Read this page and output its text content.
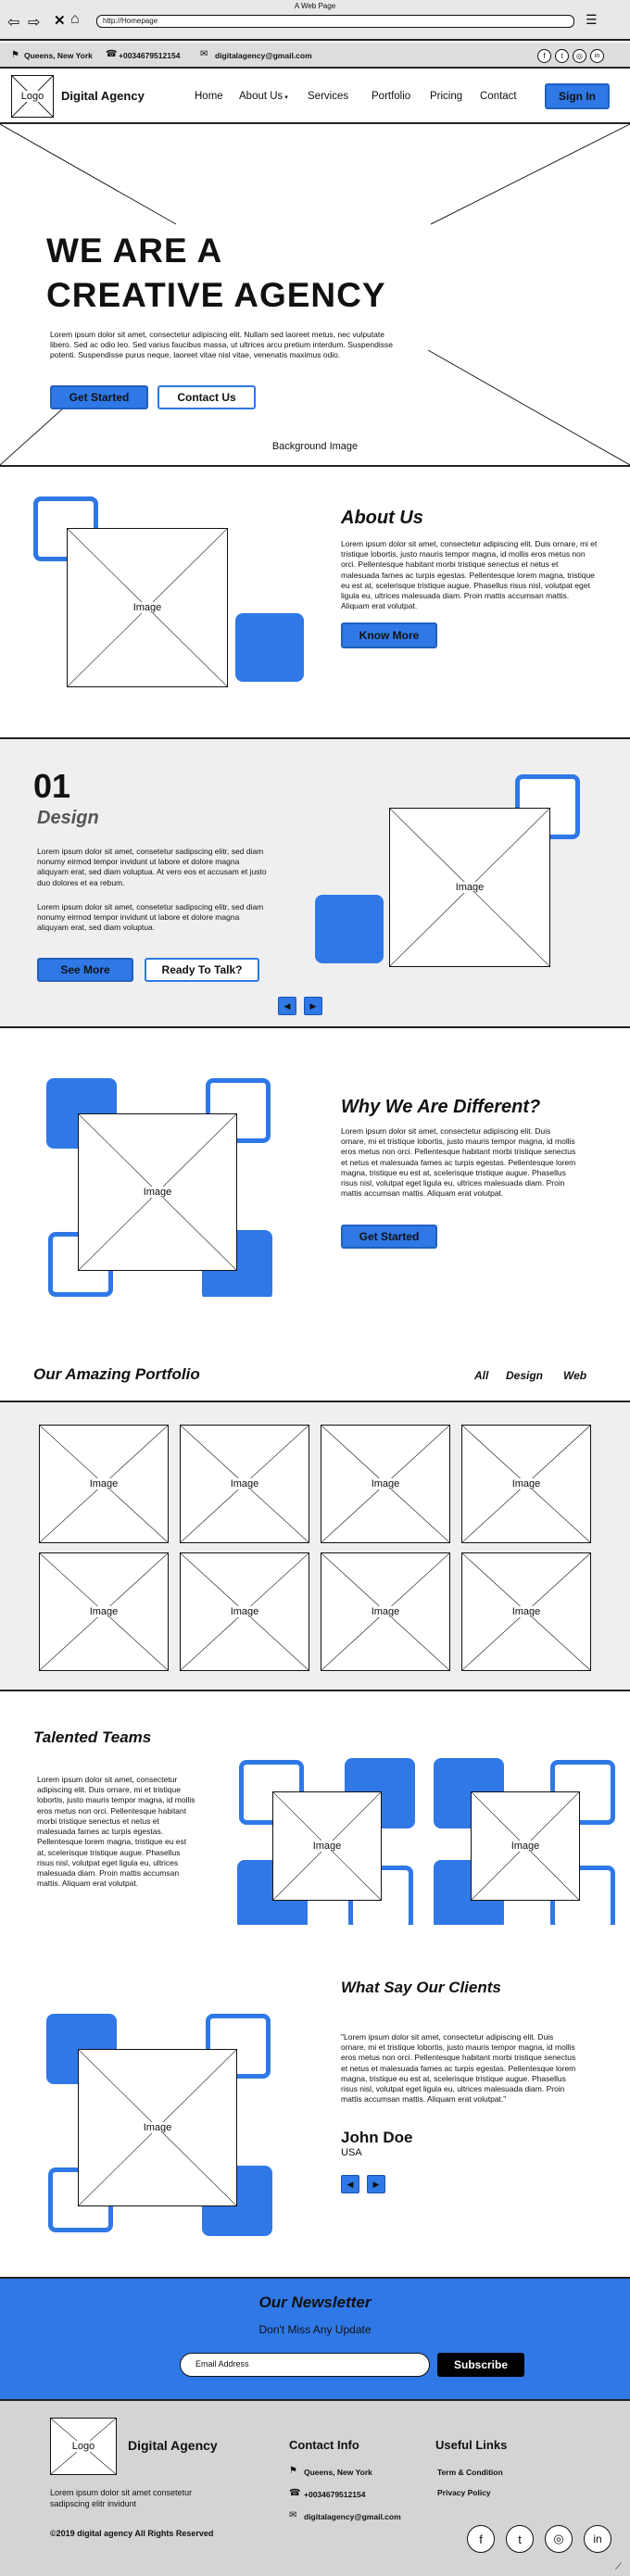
A Web Page
⇦ ⇨ ✕ ⌂	http://Homepage	☰
⚑ Queens, New York ☎ +0034679512154 ✉ digitalagency@gmail.com	f	t	◎	in
Logo	Digital Agency	Home About Us ▾ Services Portfolio Pricing Contact	Sign In
WE ARE A
CREATIVE AGENCY
Lorem ipsum dolor sit amet, consectetur adipiscing elit. Nullam sed laoreet metus, nec vulputate libero. Sed ac odio leo. Sed varius faucibus massa, ut ultrices arcu pretium interdum. Suspendisse potenti. Suspendisse purus neque, laoreet vitae nisl vitae, venenatis maximus odio.
Get Started	Contact Us
Background Image
Image
About Us
Lorem ipsum dolor sit amet, consectetur adipiscing elit. Duis ornare, mi et tristique lobortis, justo mauris tempor magna, id mollis eros metus non orci. Pellentesque habitant morbi tristique senectus et netus et malesuada fames ac turpis egestas. Pellentesque lorem magna, tristique eu est at, scelerisque tristique augue. Phasellus risus nisl, volutpat eget ligula eu, ultrices malesuada diam. Proin mattis accumsan mattis. Aliquam erat volutpat.
Know More
01
Design
Lorem ipsum dolor sit amet, consetetur sadipscing elitr, sed diam nonumy eirmod tempor invidunt ut labore et dolore magna aliquyam erat, sed diam voluptua. At vero eos et accusam et justo duo dolores et ea rebum.
Lorem ipsum dolor sit amet, consetetur sadipscing elitr, sed diam nonumy eirmod tempor invidunt ut labore et dolore magna aliquyam erat, sed diam voluptua.
See More	Ready To Talk?
Image
◀	▶
Image
Why We Are Different?
Lorem ipsum dolor sit amet, consectetur adipiscing elit. Duis ornare, mi et tristique lobortis, justo mauris tempor magna, id mollis eros metus non orci. Pellentesque habitant morbi tristique senectus et netus et malesuada fames ac turpis egestas. Pellentesque lorem magna, tristique eu est at, scelerisque tristique augue. Phasellus risus nisl, volutpat eget ligula eu, ultrices malesuada diam. Proin mattis accumsan mattis. Aliquam erat volutpat.
Get Started
Our Amazing Portfolio	All Design Web
Image	Image	Image	Image
Image	Image	Image	Image
Talented Teams
Lorem ipsum dolor sit amet, consectetur adipiscing elit. Duis ornare, mi et tristique lobortis, justo mauris tempor magna, id mollis eros metus non orci. Pellentesque habitant morbi tristique senectus et netus et malesuada fames ac turpis egestas. Pellentesque lorem magna, tristique eu est at, scelerisque tristique augue. Phasellus risus nisl, volutpat eget ligula eu, ultrices malesuada diam. Proin mattis accumsan mattis. Aliquam erat volutpat.
Image	Image
Image
What Say Our Clients
"Lorem ipsum dolor sit amet, consectetur adipiscing elit. Duis ornare, mi et tristique lobortis, justo mauris tempor magna, id mollis eros metus non orci. Pellentesque habitant morbi tristique senectus et netus et malesuada fames ac turpis egestas. Pellentesque lorem magna, tristique eu est at, scelerisque tristique augue. Phasellus risus nisl, volutpat eget ligula eu, ultrices malesuada diam. Proin mattis accumsan mattis. Aliquam erat volutpat."
John Doe
USA
◀	▶
Our Newsletter
Don't Miss Any Update
Email Address	Subscribe
Logo	Digital Agency
Lorem ipsum dolor sit amet consetetur sadipscing elitr invidunt
©2019 digital agency All Rights Reserved
Contact Info
⚑ Queens, New York
☎ +0034679512154
✉ digitalagency@gmail.com
Useful Links
Term & Condition
Privacy Policy
f	t	◎	in
⟋
